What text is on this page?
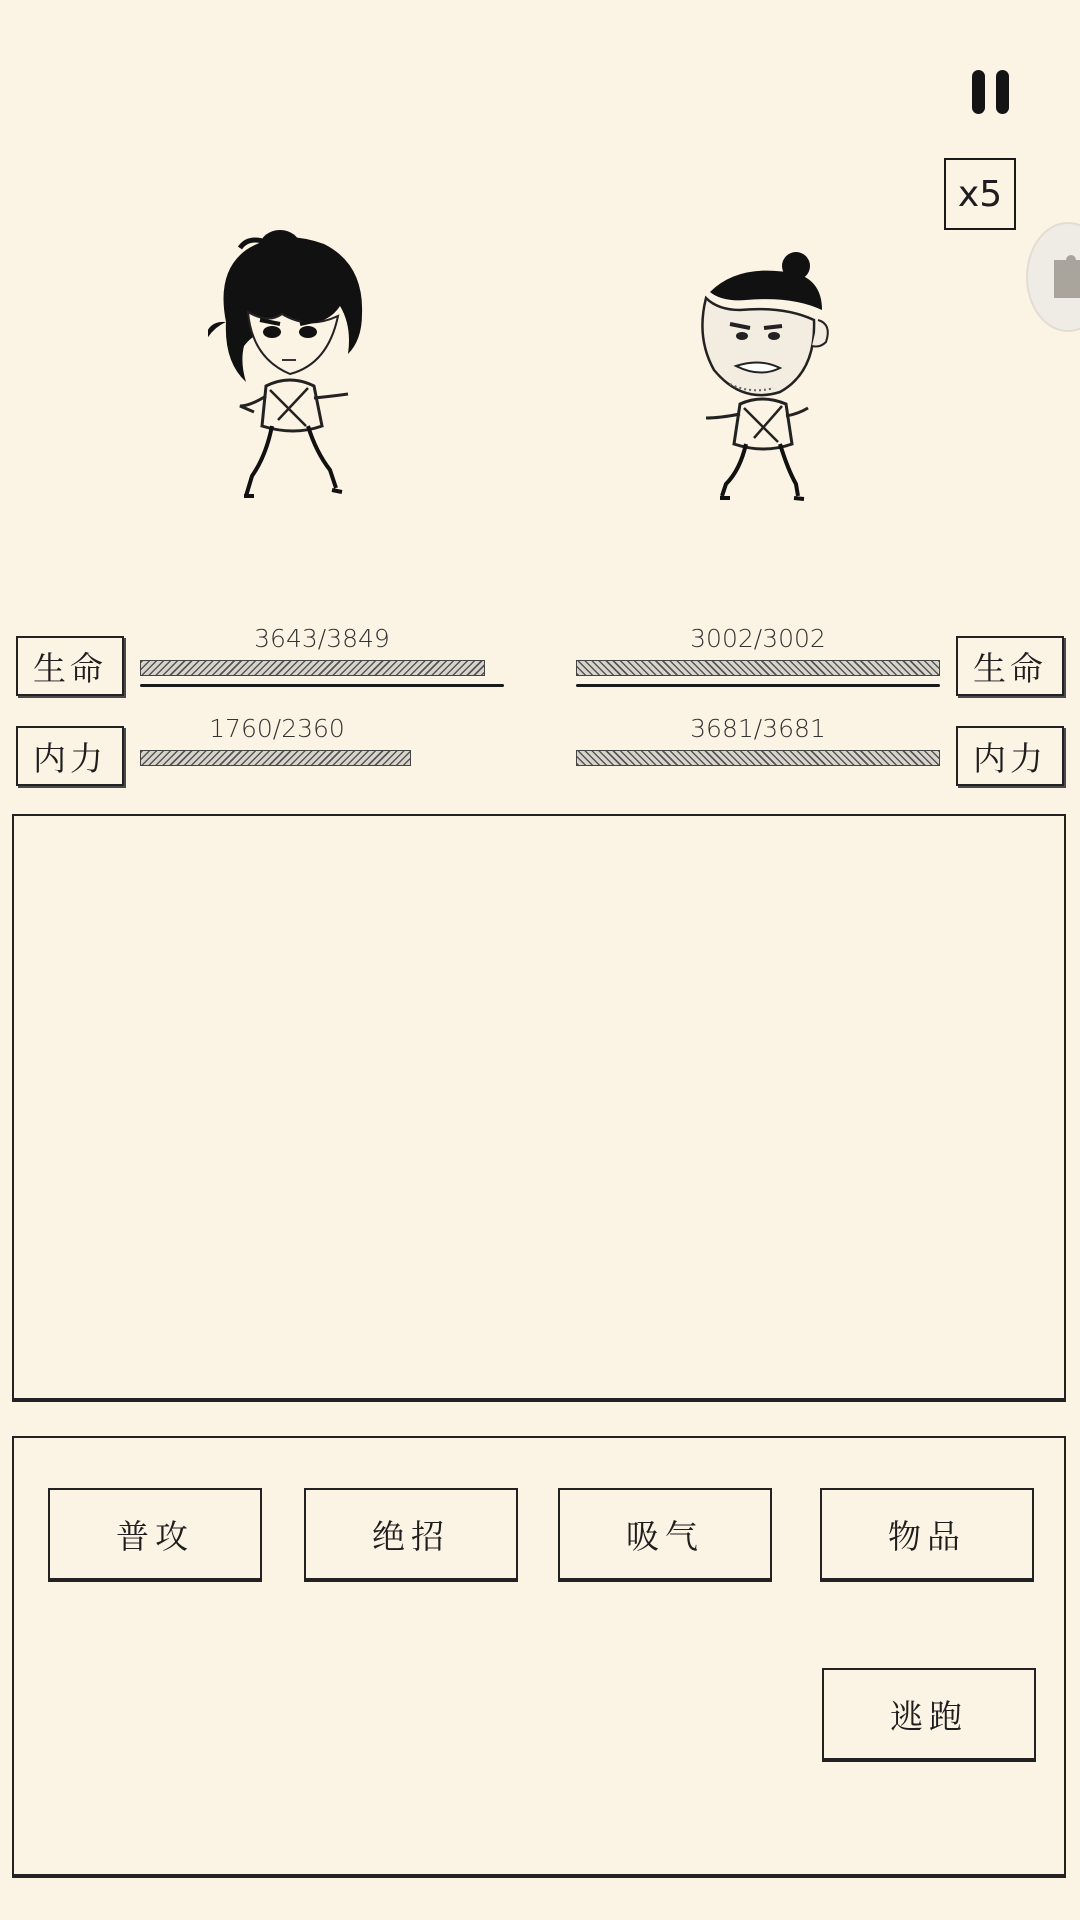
x5
生命
3643/3849
内力
1760/2360
生命
3002/3002
内力
3681/3681
普攻	绝招	吸气	物品
逃跑
